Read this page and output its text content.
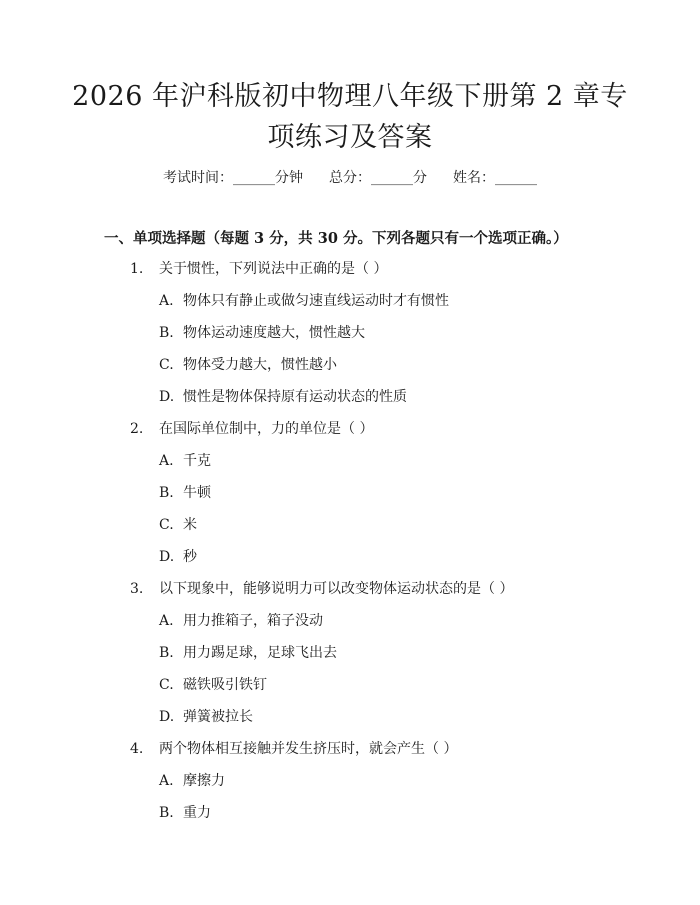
2026 年沪科版初中物理八年级下册第 2 章专
项练习及答案
考试时间：______分钟 总分：______分 姓名：______
一、单项选择题（每题 3 分，共 30 分。下列各题只有一个选项正确。）
1.	关于惯性，下列说法中正确的是（ ）
A. 物体只有静止或做匀速直线运动时才有惯性
B. 物体运动速度越大，惯性越大
C. 物体受力越大，惯性越小
D. 惯性是物体保持原有运动状态的性质
2.	在国际单位制中，力的单位是（ ）
A. 千克
B. 牛顿
C. 米
D. 秒
3.	以下现象中，能够说明力可以改变物体运动状态的是（ ）
A. 用力推箱子，箱子没动
B. 用力踢足球，足球飞出去
C. 磁铁吸引铁钉
D. 弹簧被拉长
4.	两个物体相互接触并发生挤压时，就会产生（ ）
A. 摩擦力
B. 重力
